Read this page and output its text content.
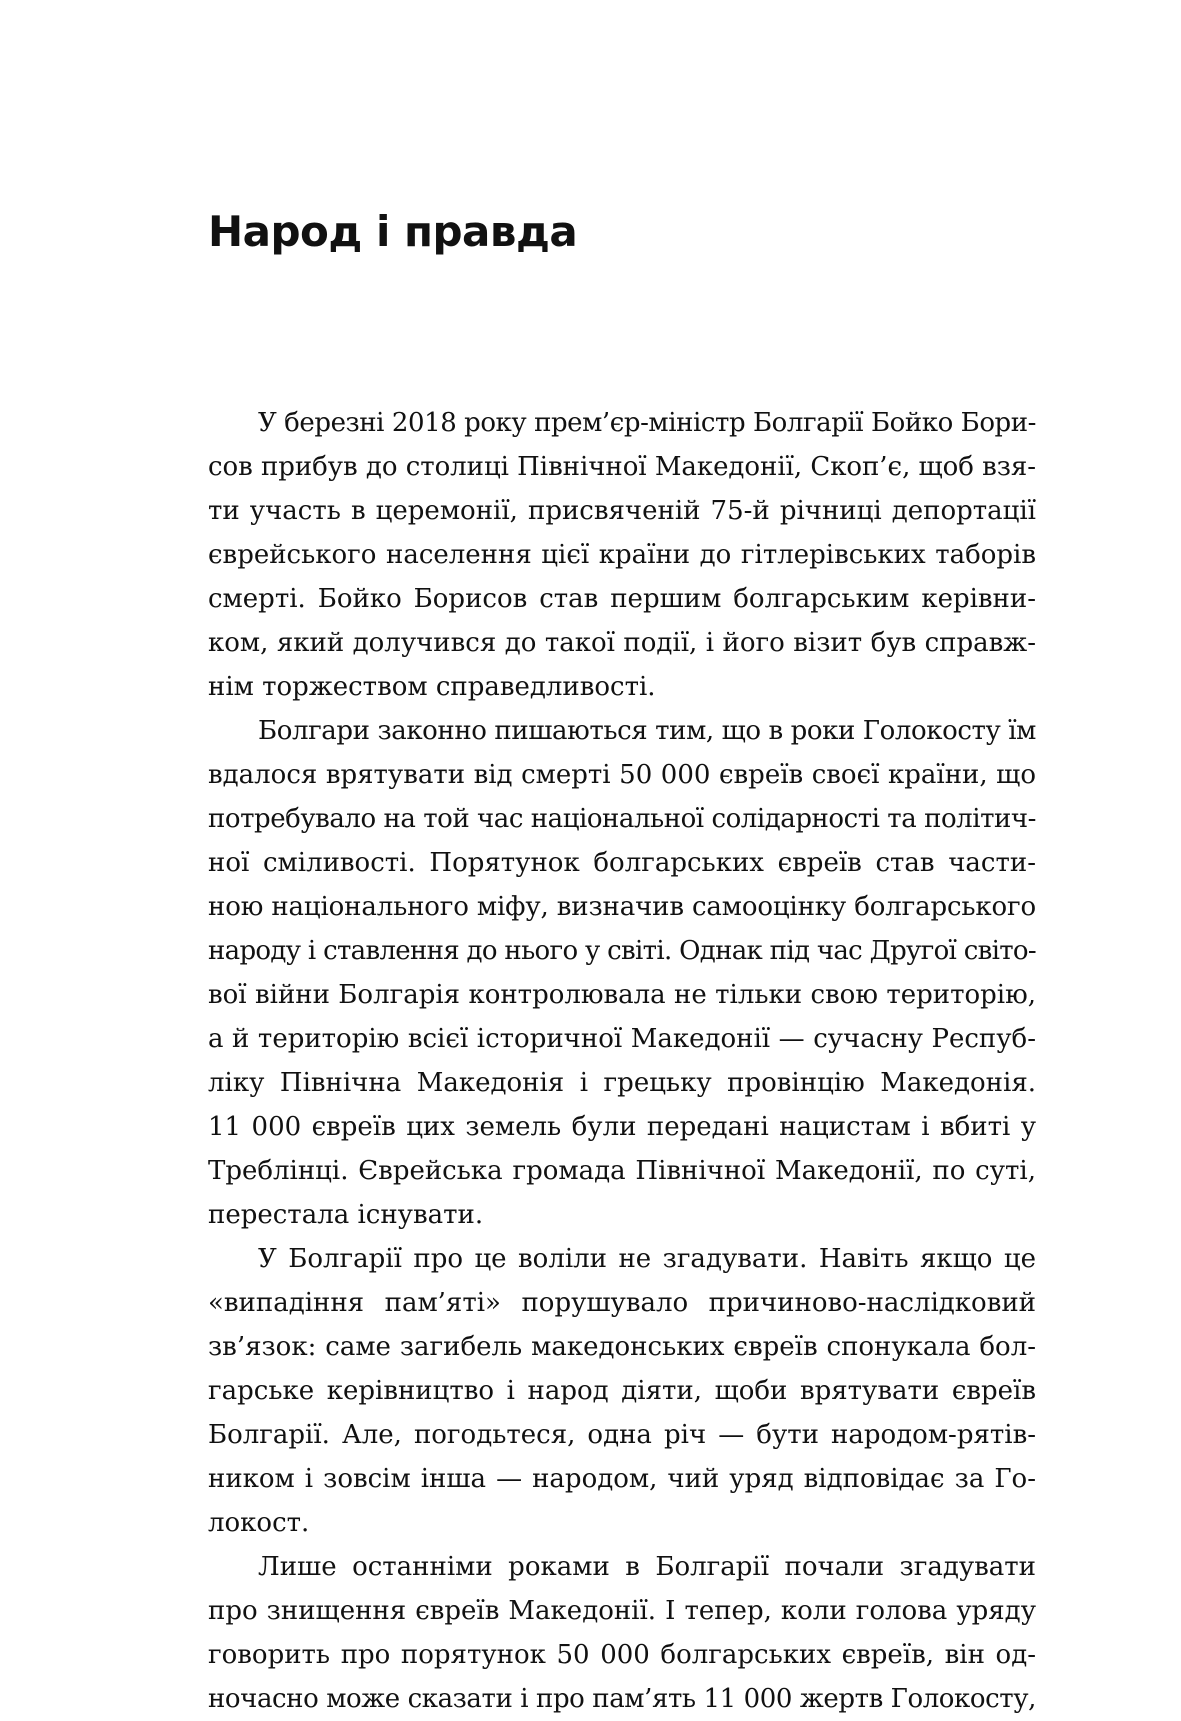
Народ і правда
У березні 2018 року прем’єр-міністр Болгарії Бойко Бори-
сов прибув до столиці Північної Македонії, Скоп’є, щоб взя-
ти участь в церемонії, присвяченій 75-й річниці депортації
єврейського населення цієї країни до гітлерівських таборів
смерті. Бойко Борисов став першим болгарським керівни-
ком, який долучився до такої події, і його візит був справж-
нім торжеством справедливості.
Болгари законно пишаються тим, що в роки Голокосту їм
вдалося врятувати від смерті 50 000 євреїв своєї країни, що
потребувало на той час національної солідарності та політич-
ної сміливості. Порятунок болгарських євреїв став части-
ною національного міфу, визначив самооцінку болгарського
народу і ставлення до нього у світі. Однак під час Другої світо-
вої війни Болгарія контролювала не тільки свою територію,
а й територію всієї історичної Македонії — сучасну Респуб-
ліку Північна Македонія і грецьку провінцію Македонія.
11 000 євреїв цих земель були передані нацистам і вбиті у
Треблінці. Єврейська громада Північної Македонії, по суті,
перестала існувати.
У Болгарії про це воліли не згадувати. Навіть якщо це
«випадіння пам’яті» порушувало причиново-наслідковий
зв’язок: саме загибель македонських євреїв спонукала бол-
гарське керівництво і народ діяти, щоби врятувати євреїв
Болгарії. Але, погодьтеся, одна річ — бути народом-рятів-
ником і зовсім інша — народом, чий уряд відповідає за Го-
локост.
Лише останніми роками в Болгарії почали згадувати
про знищення євреїв Македонії. І тепер, коли голова уряду
говорить про порятунок 50 000 болгарських євреїв, він од-
ночасно може сказати і про пам’ять 11 000 жертв Голокосту,
